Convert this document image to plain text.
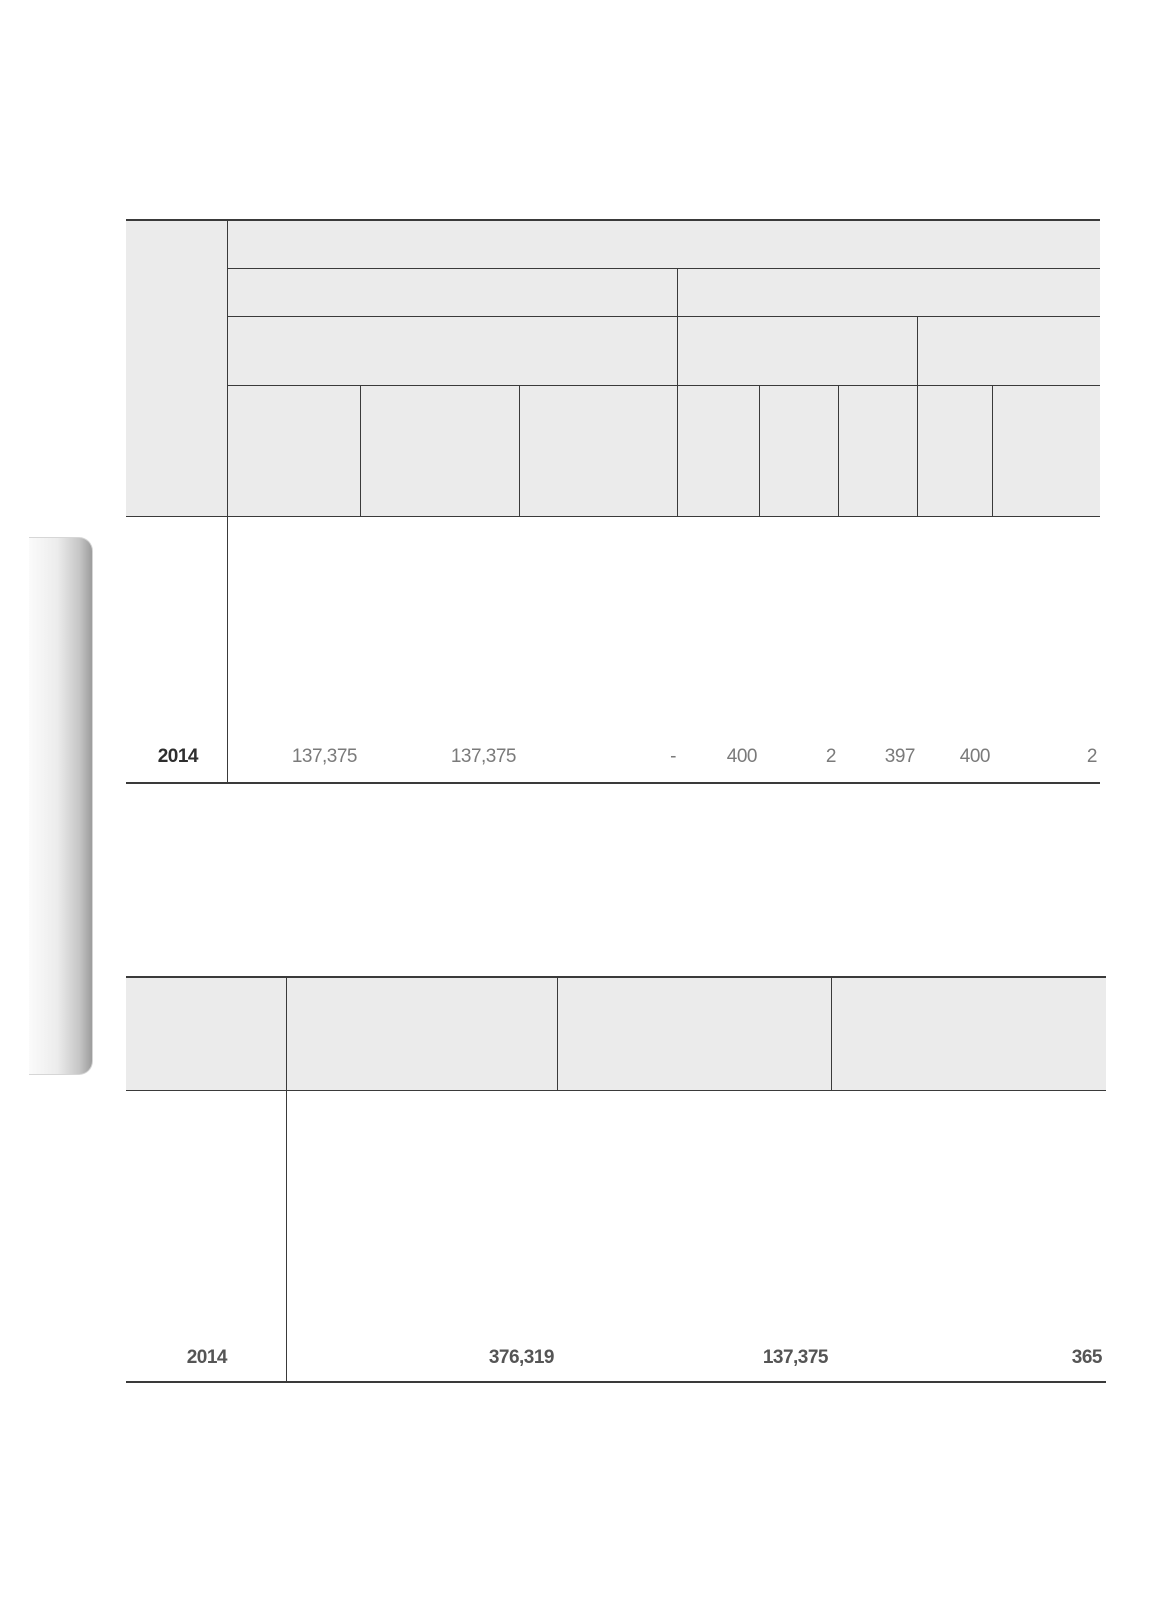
2014	137,375	137,375	-	400	2	397	400	2
2014	376,319	137,375	365
